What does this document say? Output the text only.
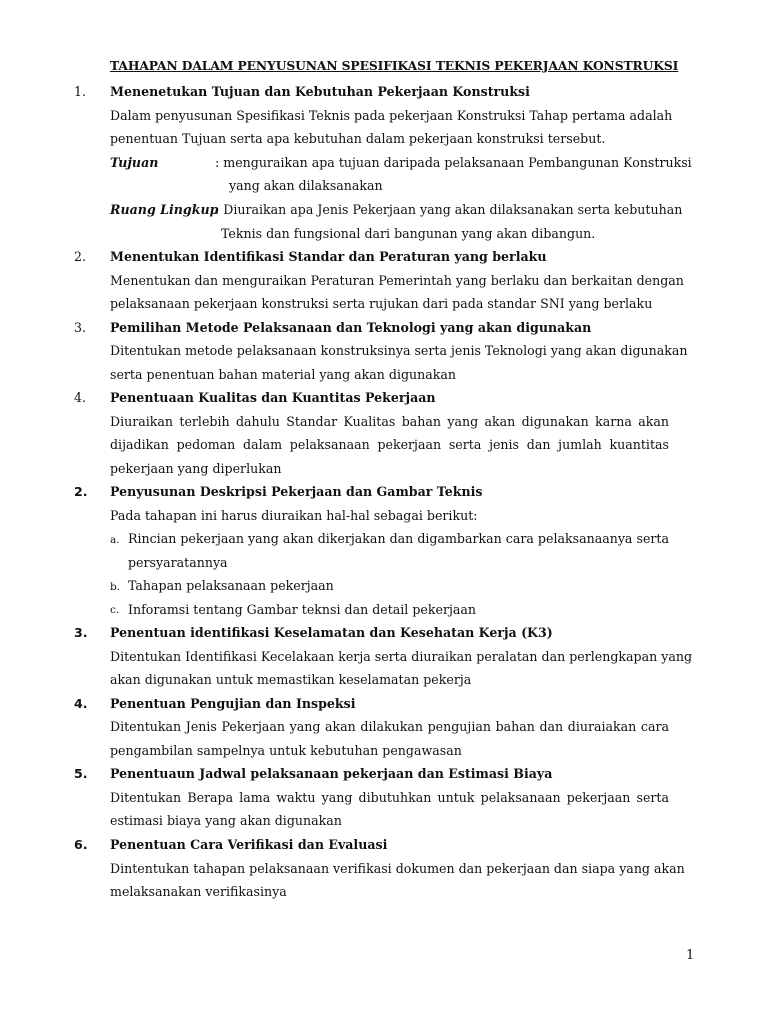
TAHAPAN DALAM PENYUSUNAN SPESIFIKASI TEKNIS PEKERJAAN KONSTRUKSI
1. Menenetukan Tujuan dan Kebutuhan Pekerjaan Konstruksi
Dalam penyusunan Spesifikasi Teknis pada pekerjaan Konstruksi Tahap pertama adalah
penentuan Tujuan serta apa kebutuhan dalam pekerjaan konstruksi tersebut.
Tujuan	: menguraikan apa tujuan daripada pelaksanaan Pembangunan Konstruksi
yang akan dilaksanakan
Ruang Lingkup
: Diuraikan apa Jenis Pekerjaan yang akan dilaksanakan serta kebutuhan
Teknis dan fungsional dari bangunan yang akan dibangun.
2. Menentukan Identifikasi Standar dan Peraturan yang berlaku
Menentukan dan menguraikan Peraturan Pemerintah yang berlaku dan berkaitan dengan
pelaksanaan pekerjaan konstruksi serta rujukan dari pada standar SNI yang berlaku
3. Pemilihan Metode Pelaksanaan dan Teknologi yang akan digunakan
Ditentukan metode pelaksanaan konstruksinya serta jenis Teknologi yang akan digunakan
serta penentuan bahan material yang akan digunakan
4. Penentuaan Kualitas dan Kuantitas Pekerjaan
Diuraikan terlebih dahulu Standar Kualitas bahan yang akan digunakan karna akan
dijadikan pedoman dalam pelaksanaan pekerjaan serta jenis dan jumlah kuantitas
pekerjaan yang diperlukan
2. Penyusunan Deskripsi Pekerjaan dan Gambar Teknis
Pada tahapan ini harus diuraikan hal-hal sebagai berikut:
a. Rincian pekerjaan yang akan dikerjakan dan digambarkan cara pelaksanaanya serta
persyaratannya
b. Tahapan pelaksanaan pekerjaan
c. Inforamsi tentang Gambar teknsi dan detail pekerjaan
3. Penentuan identifikasi Keselamatan dan Kesehatan Kerja (K3)
Ditentukan Identifikasi Kecelakaan kerja serta diuraikan peralatan dan perlengkapan yang
akan digunakan untuk memastikan keselamatan pekerja
4. Penentuan Pengujian dan Inspeksi
Ditentukan Jenis Pekerjaan yang akan dilakukan pengujian bahan dan diuraiakan cara
pengambilan sampelnya untuk kebutuhan pengawasan
5. Penentuaun Jadwal pelaksanaan pekerjaan dan Estimasi Biaya
Ditentukan Berapa lama waktu yang dibutuhkan untuk pelaksanaan pekerjaan serta
estimasi biaya yang akan digunakan
6. Penentuan Cara Verifikasi dan Evaluasi
Dintentukan tahapan pelaksanaan verifikasi dokumen dan pekerjaan dan siapa yang akan
melaksanakan verifikasinya
1
